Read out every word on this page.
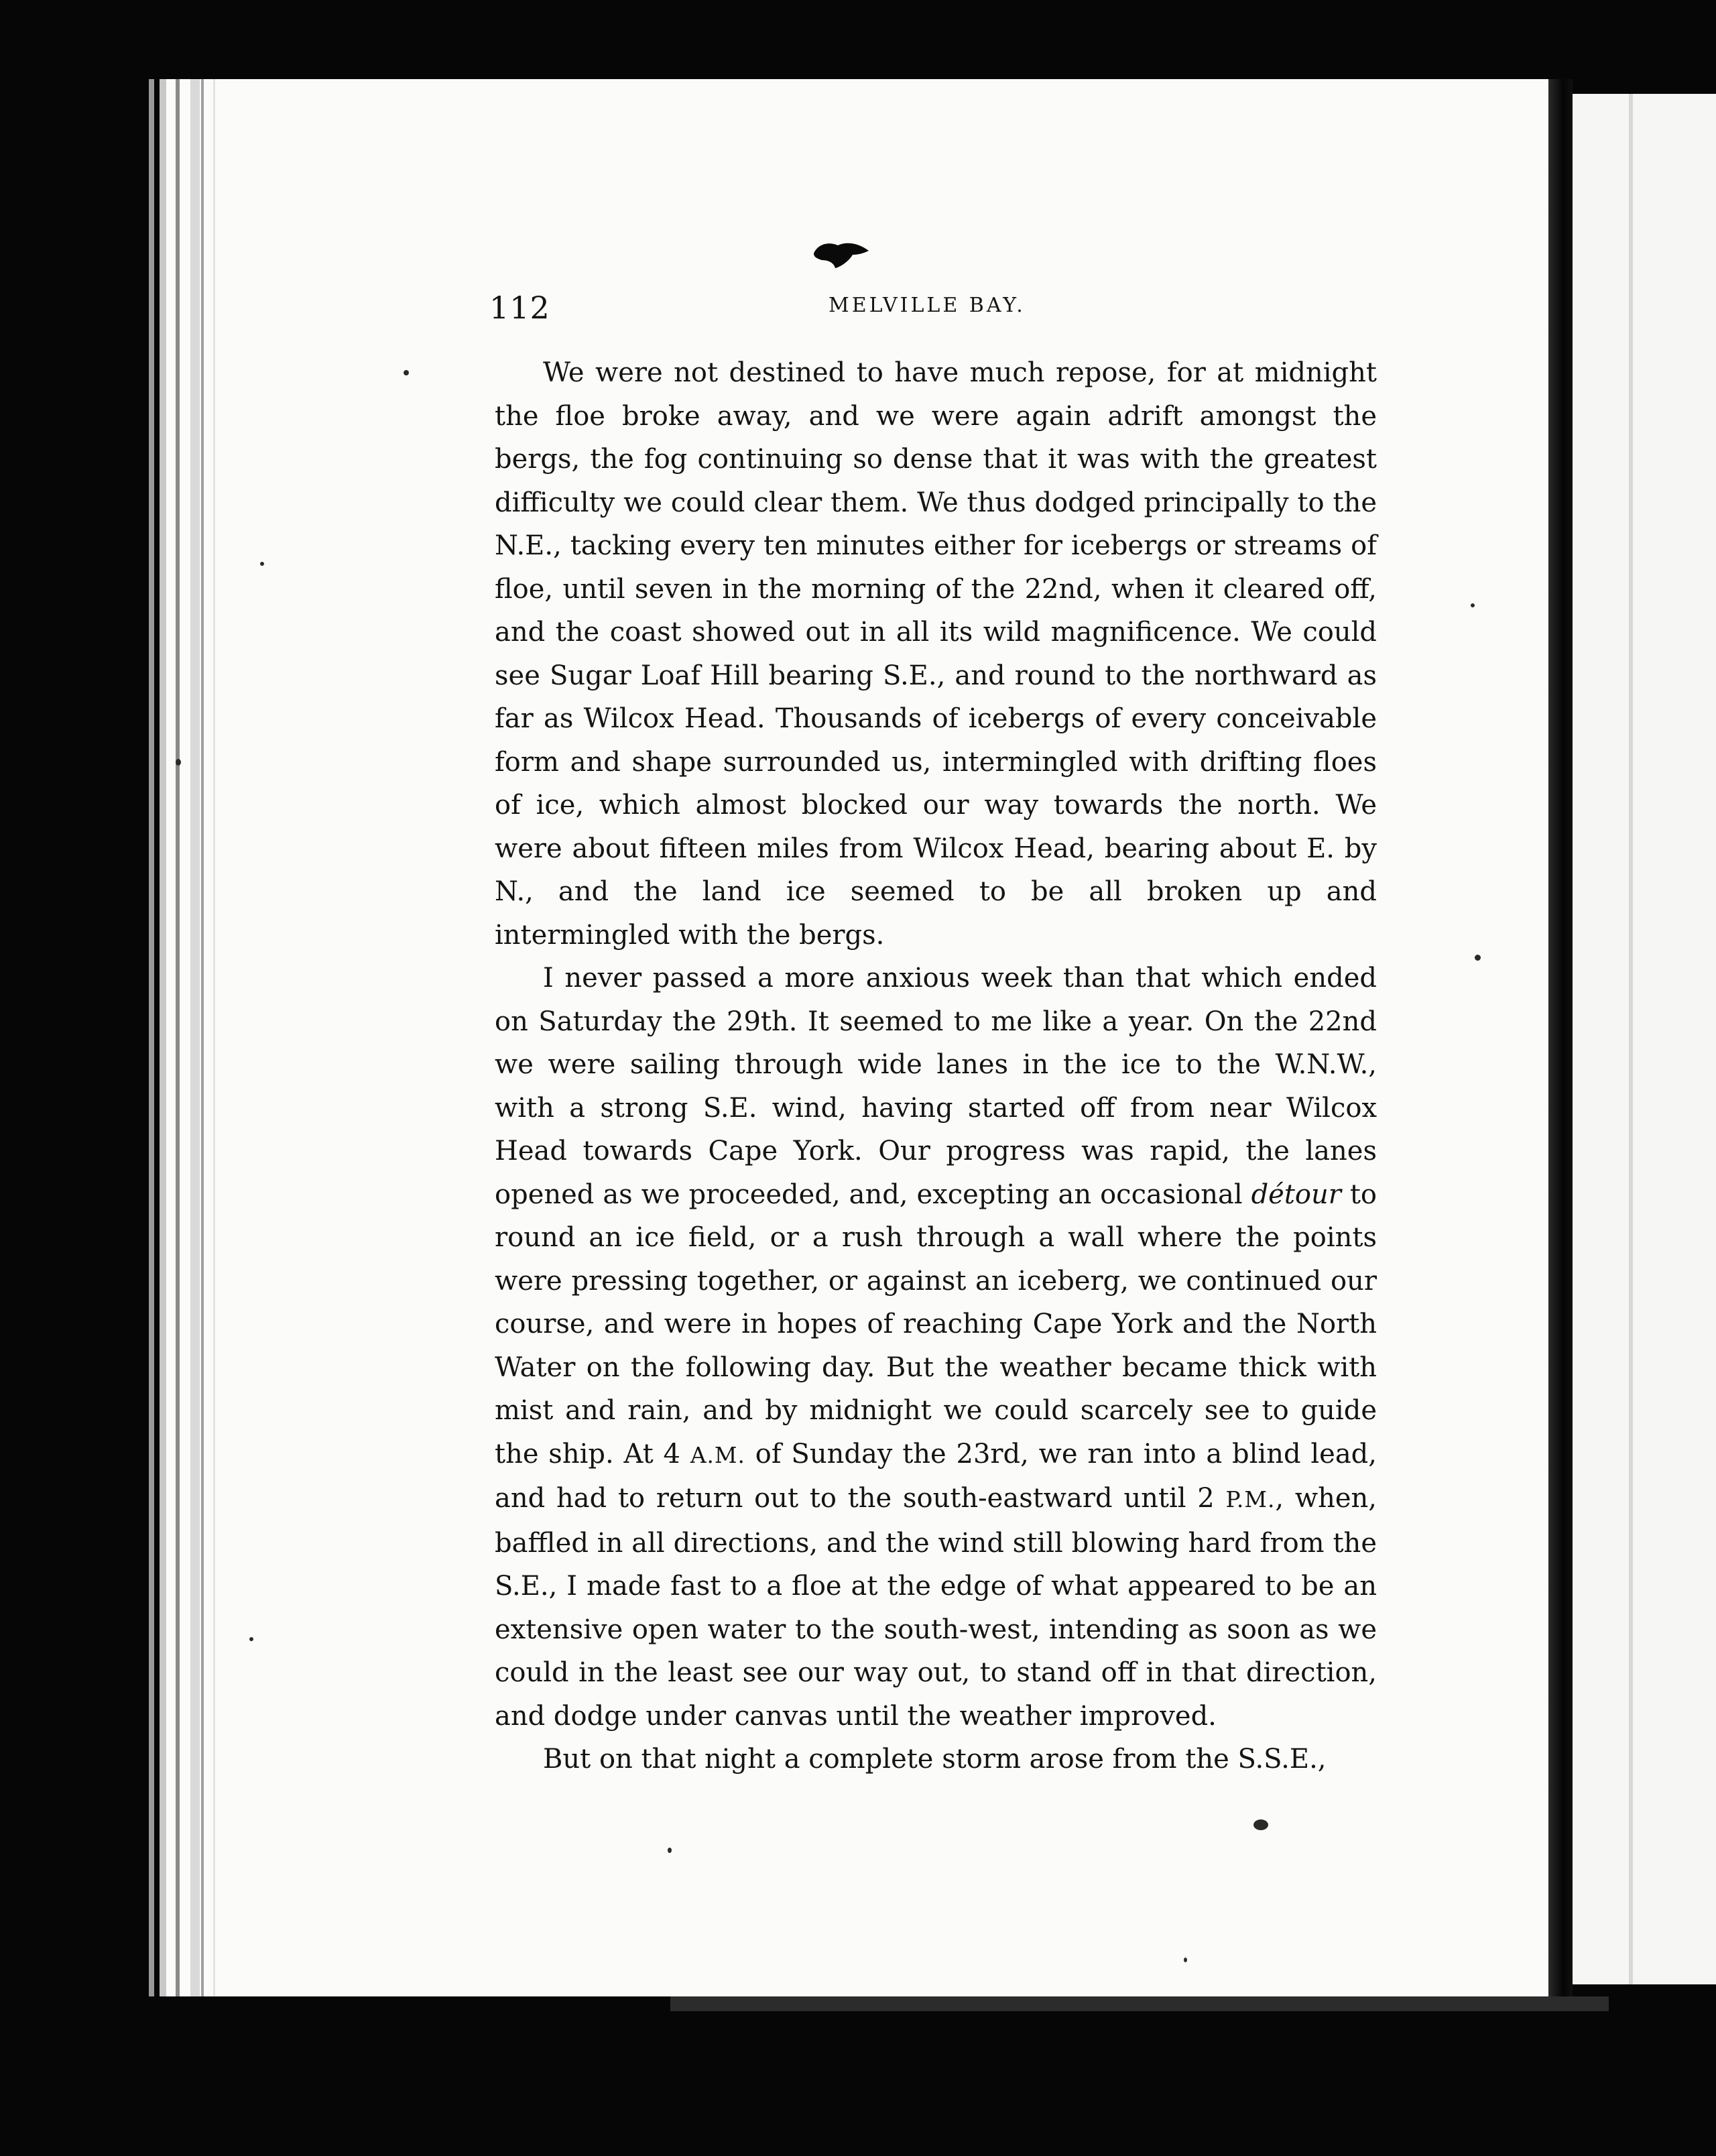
112	MELVILLE BAY.

We were not destined to have much repose, for at midnight the floe broke away, and we were again adrift amongst the bergs, the fog continuing so dense that it was with the greatest difficulty we could clear them. We thus dodged principally to the N.E., tacking every ten minutes either for icebergs or streams of floe, until seven in the morning of the 22nd, when it cleared off, and the coast showed out in all its wild magnificence. We could see Sugar Loaf Hill bearing S.E., and round to the northward as far as Wilcox Head. Thousands of icebergs of every conceivable form and shape surrounded us, intermingled with drifting floes of ice, which almost blocked our way towards the north. We were about fifteen miles from Wilcox Head, bearing about E. by N., and the land ice seemed to be all broken up and intermingled with the bergs.

I never passed a more anxious week than that which ended on Saturday the 29th. It seemed to me like a year. On the 22nd we were sailing through wide lanes in the ice to the W.N.W., with a strong S.E. wind, having started off from near Wilcox Head towards Cape York. Our progress was rapid, the lanes opened as we proceeded, and, excepting an occasional détour to round an ice field, or a rush through a wall where the points were pressing together, or against an iceberg, we continued our course, and were in hopes of reaching Cape York and the North Water on the following day. But the weather became thick with mist and rain, and by midnight we could scarcely see to guide the ship. At 4 A.M. of Sunday the 23rd, we ran into a blind lead, and had to return out to the south-eastward until 2 P.M., when, baffled in all directions, and the wind still blowing hard from the S.E., I made fast to a floe at the edge of what appeared to be an extensive open water to the south-west, intending as soon as we could in the least see our way out, to stand off in that direction, and dodge under canvas until the weather improved.

But on that night a complete storm arose from the S.S.E.,
